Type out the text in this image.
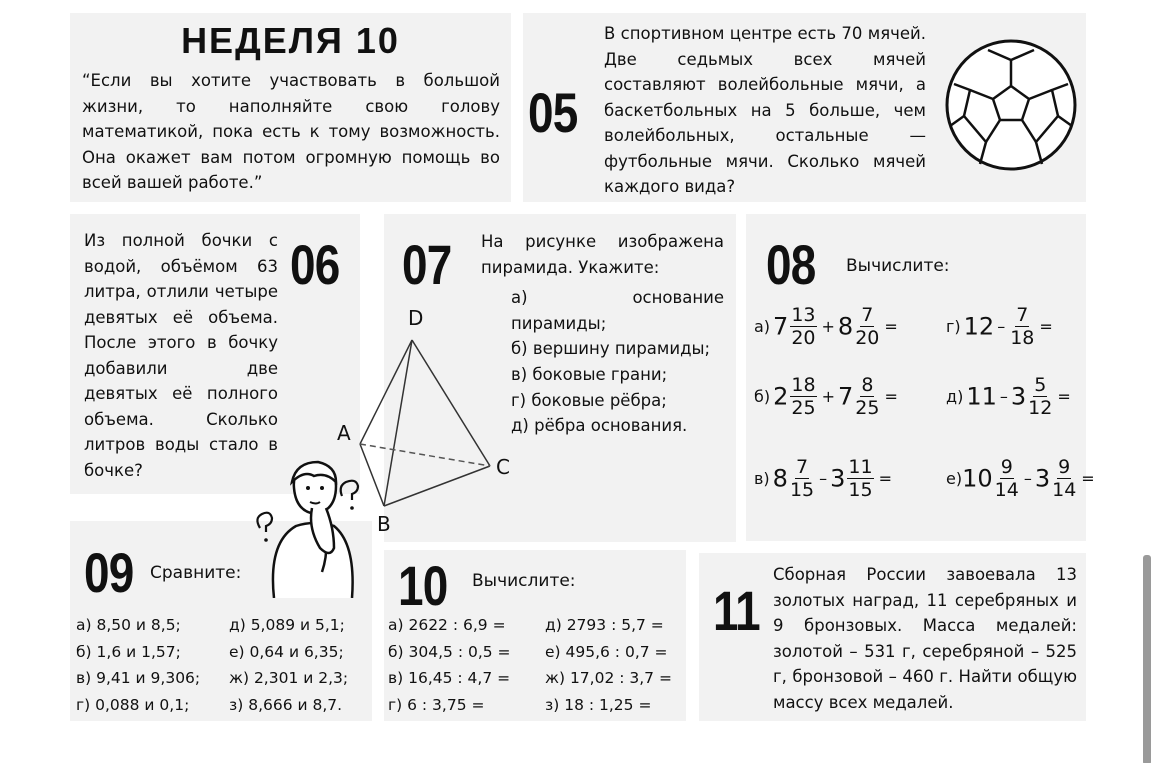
НЕДЕЛЯ 10
“Если вы хотите участвовать в большой жизни, то наполняйте свою голову математикой, пока есть к тому возможность. Она окажет вам потом огромную помощь во всей вашей работе.”
05
В спортивном центре есть 70 мячей. Две седьмых всех мячей составляют волейбольные мячи, а баскетбольных на 5 больше, чем волейбольных, остальные — футбольные мячи. Сколько мячей каждого вида?
Из полной бочки с водой, объёмом 63 литра, отлили четыре девятых её объема. После этого в бочку добавили две девятых её полного объема. Сколько литров воды стало в бочке?
06 07 На рисунке изображена пирамида. Укажите:
а) основание пирамиды;
б) вершину пирамиды;
в) боковые грани;
г) боковые рёбра;
д) рёбра основания.
D
A
C
B
08 Вычислите:
а) $7 \frac{13}{20} + 8 \frac{7}{20}$ =	г) $12 - \frac{7}{18}$ =
б) $2 \frac{18}{25} + 7 \frac{8}{25}$ =	д) $11 - 3 \frac{5}{12}$ =
в) $8 \frac{7}{15} - 3 \frac{11}{15}$ =	$е)10 \frac{9}{14} - 3 \frac{9}{14}$ =
09 Сравните:
а) 8,50 и 8,5;
б) 1,6 и 1,57;
в) 9,41 и 9,306;
г) 0,088 и 0,1;
д) 5,089 и 5,1;
е) 0,64 и 6,35;
ж) 2,301 и 2,3;
з) 8,666 и 8,7.
10 Вычислите:
а) 2622 : 6,9 =
б) 304,5 : 0,5 =
в) 16,45 : 4,7 =
г) 6 : 3,75 =
д) 2793 : 5,7 =
е) 495,6 : 0,7 =
ж) 17,02 : 3,7 =
з) 18 : 1,25 =
11
Сборная России завоевала 13 золотых наград, 11 серебряных и 9 бронзовых. Масса медалей: золотой – 531 г, серебряной – 525 г, бронзовой – 460 г. Найти общую массу всех медалей.
